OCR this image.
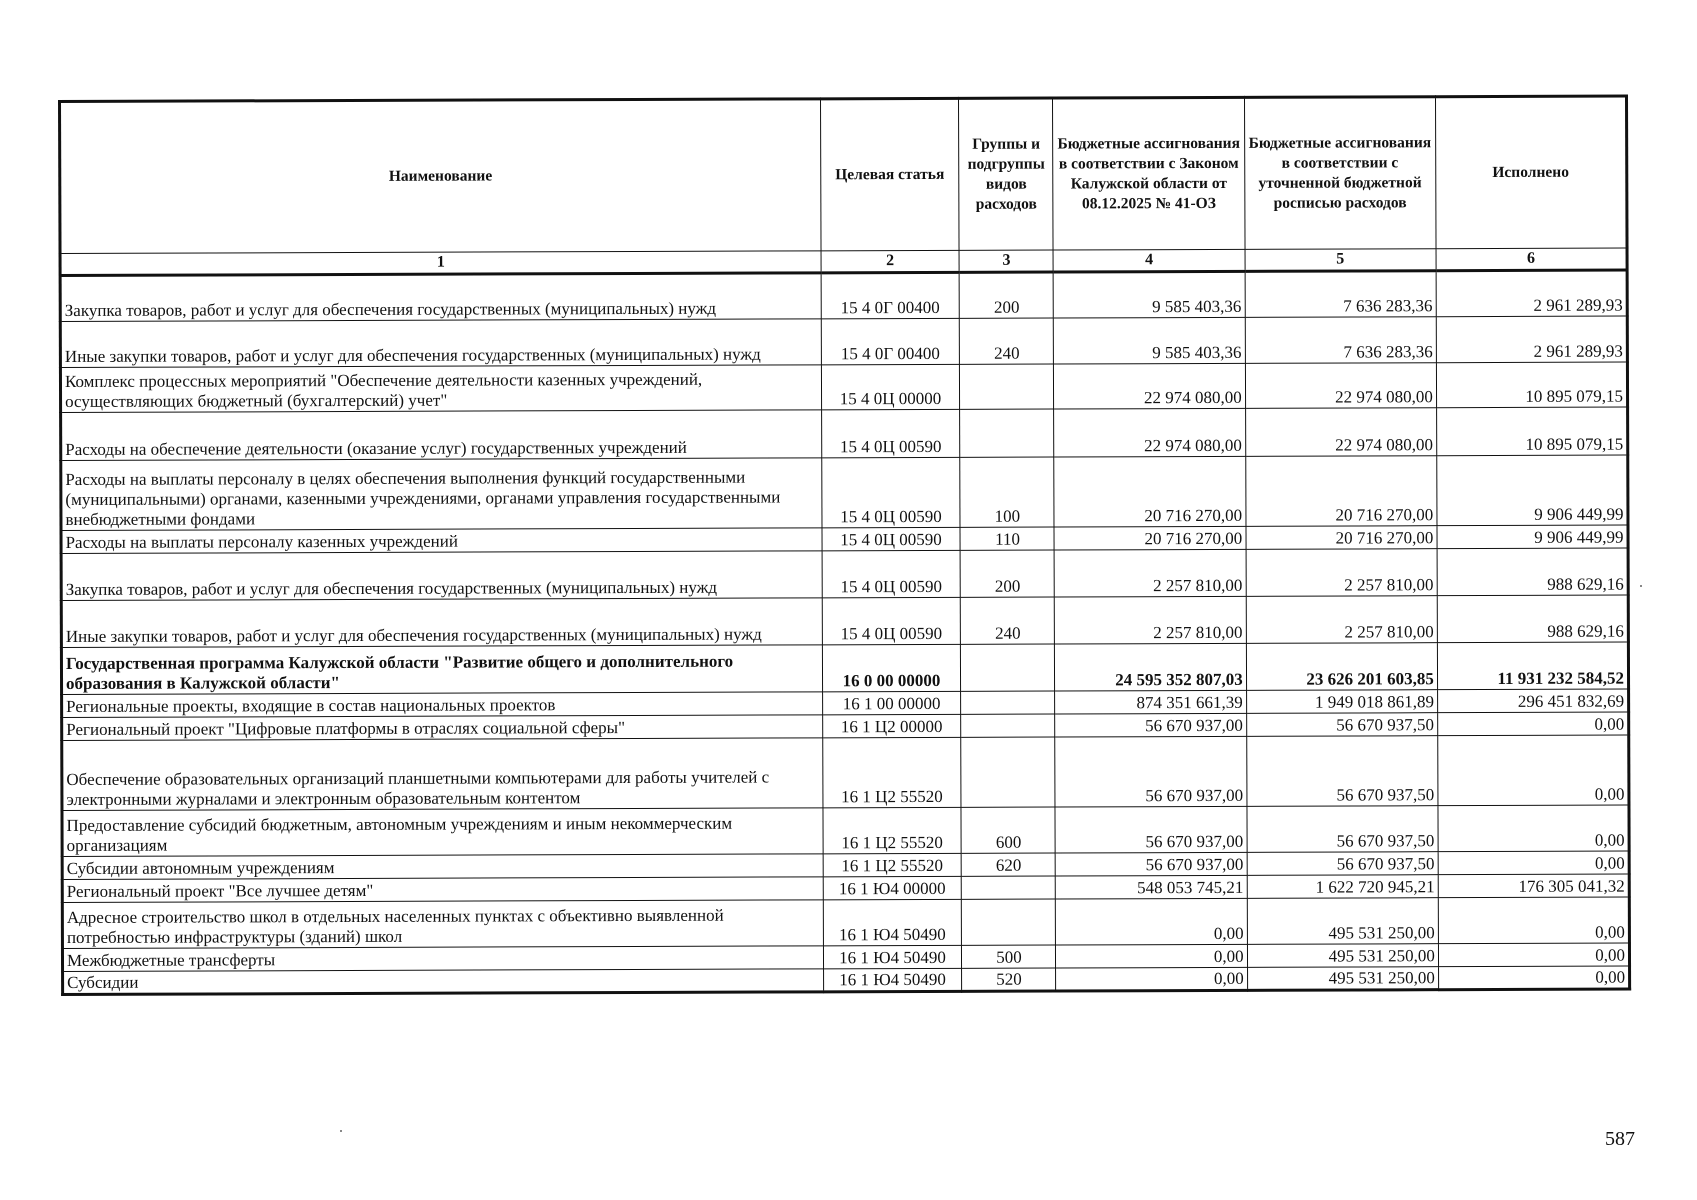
Наименование	Целевая статья	Группы и подгруппы видов расходов	Бюджетные ассигнования в соответствии с Законом Калужской области от 08.12.2025 № 41-ОЗ	Бюджетные ассигнования в соответствии с уточненной бюджетной росписью расходов	Исполнено
1	2	3	4	5	6
Закупка товаров, работ и услуг для обеспечения государственных (муниципальных) нужд	15 4 0Г 00400	200	9 585 403,36	7 636 283,36	2 961 289,93
Иные закупки товаров, работ и услуг для обеспечения государственных (муниципальных) нужд	15 4 0Г 00400	240	9 585 403,36	7 636 283,36	2 961 289,93
Комплекс процессных мероприятий "Обеспечение деятельности казенных учреждений, осуществляющих бюджетный (бухгалтерский) учет"	15 4 0Ц 00000		22 974 080,00	22 974 080,00	10 895 079,15
Расходы на обеспечение деятельности (оказание услуг) государственных учреждений	15 4 0Ц 00590		22 974 080,00	22 974 080,00	10 895 079,15
Расходы на выплаты персоналу в целях обеспечения выполнения функций государственными (муниципальными) органами, казенными учреждениями, органами управления государственными внебюджетными фондами	15 4 0Ц 00590	100	20 716 270,00	20 716 270,00	9 906 449,99
Расходы на выплаты персоналу казенных учреждений	15 4 0Ц 00590	110	20 716 270,00	20 716 270,00	9 906 449,99
Закупка товаров, работ и услуг для обеспечения государственных (муниципальных) нужд	15 4 0Ц 00590	200	2 257 810,00	2 257 810,00	988 629,16
Иные закупки товаров, работ и услуг для обеспечения государственных (муниципальных) нужд	15 4 0Ц 00590	240	2 257 810,00	2 257 810,00	988 629,16
Государственная программа Калужской области "Развитие общего и дополнительного образования в Калужской области"	16 0 00 00000		24 595 352 807,03	23 626 201 603,85	11 931 232 584,52
Региональные проекты, входящие в состав национальных проектов	16 1 00 00000		874 351 661,39	1 949 018 861,89	296 451 832,69
Региональный проект "Цифровые платформы в отраслях социальной сферы"	16 1 Ц2 00000		56 670 937,00	56 670 937,50	0,00
Обеспечение образовательных организаций планшетными компьютерами для работы учителей с электронными журналами и электронным образовательным контентом	16 1 Ц2 55520		56 670 937,00	56 670 937,50	0,00
Предоставление субсидий бюджетным, автономным учреждениям и иным некоммерческим организациям	16 1 Ц2 55520	600	56 670 937,00	56 670 937,50	0,00
Субсидии автономным учреждениям	16 1 Ц2 55520	620	56 670 937,00	56 670 937,50	0,00
Региональный проект "Все лучшее детям"	16 1 Ю4 00000		548 053 745,21	1 622 720 945,21	176 305 041,32
Адресное строительство школ в отдельных населенных пунктах с объективно выявленной потребностью инфраструктуры (зданий) школ	16 1 Ю4 50490		0,00	495 531 250,00	0,00
Межбюджетные трансферты	16 1 Ю4 50490	500	0,00	495 531 250,00	0,00
Субсидии	16 1 Ю4 50490	520	0,00	495 531 250,00	0,00
587
